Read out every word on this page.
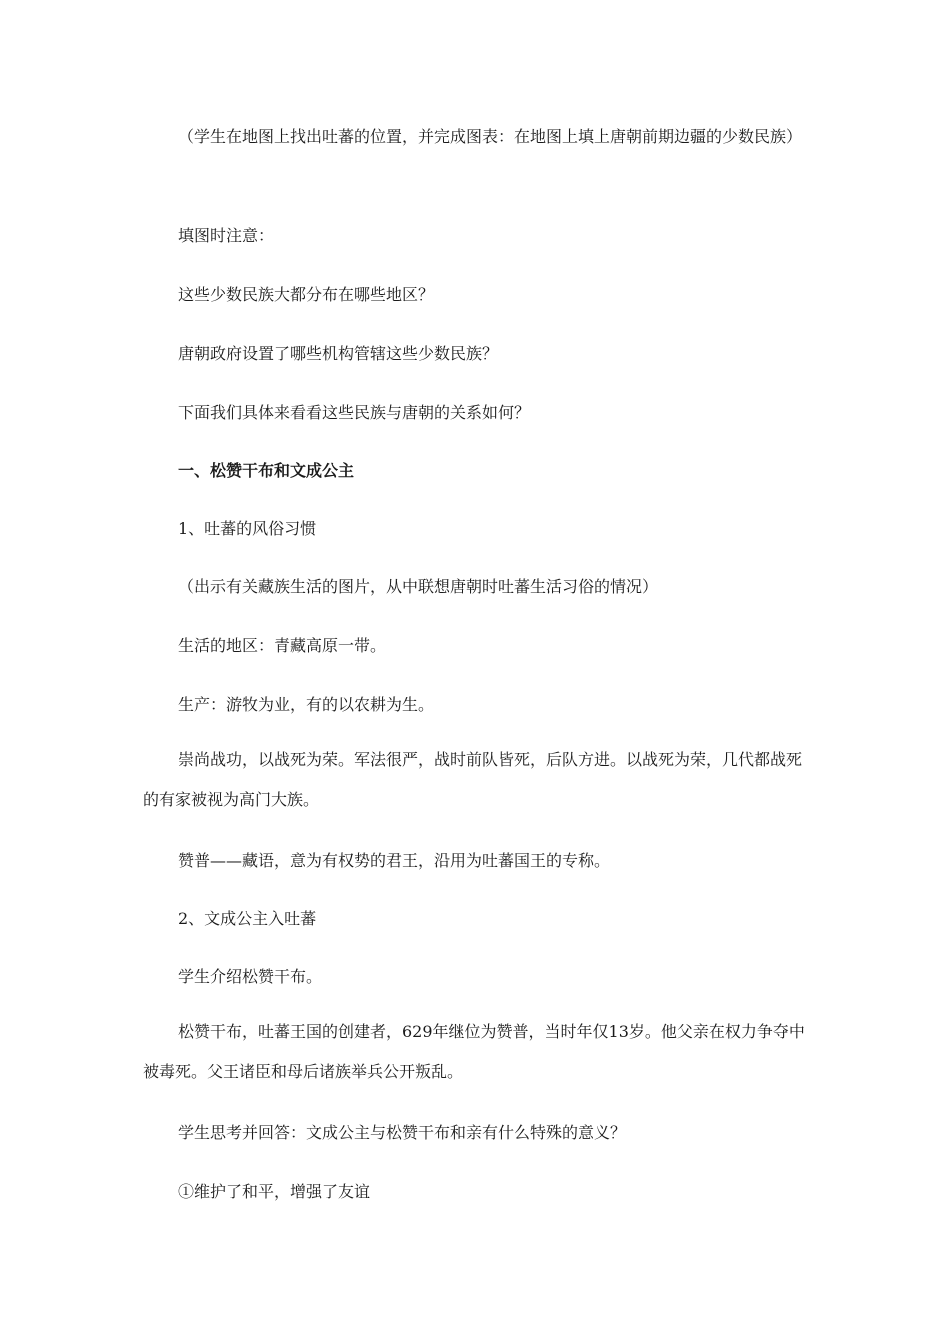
（学生在地图上找出吐蕃的位置，并完成图表：在地图上填上唐朝前期边疆的少数民族）
填图时注意：
这些少数民族大都分布在哪些地区？
唐朝政府设置了哪些机构管辖这些少数民族？
下面我们具体来看看这些民族与唐朝的关系如何？
一、松赞干布和文成公主
1、吐蕃的风俗习惯
（出示有关藏族生活的图片，从中联想唐朝时吐蕃生活习俗的情况）
生活的地区：青藏高原一带。
生产：游牧为业，有的以农耕为生。
崇尚战功，以战死为荣。军法很严，战时前队皆死，后队方进。以战死为荣，几代都战死的有家被视为高门大族。
赞普——藏语，意为有权势的君王，沿用为吐蕃国王的专称。
2、文成公主入吐蕃
学生介绍松赞干布。
松赞干布，吐蕃王国的创建者，629年继位为赞普，当时年仅13岁。他父亲在权力争夺中被毒死。父王诸臣和母后诸族举兵公开叛乱。
学生思考并回答：文成公主与松赞干布和亲有什么特殊的意义？
①维护了和平，增强了友谊
